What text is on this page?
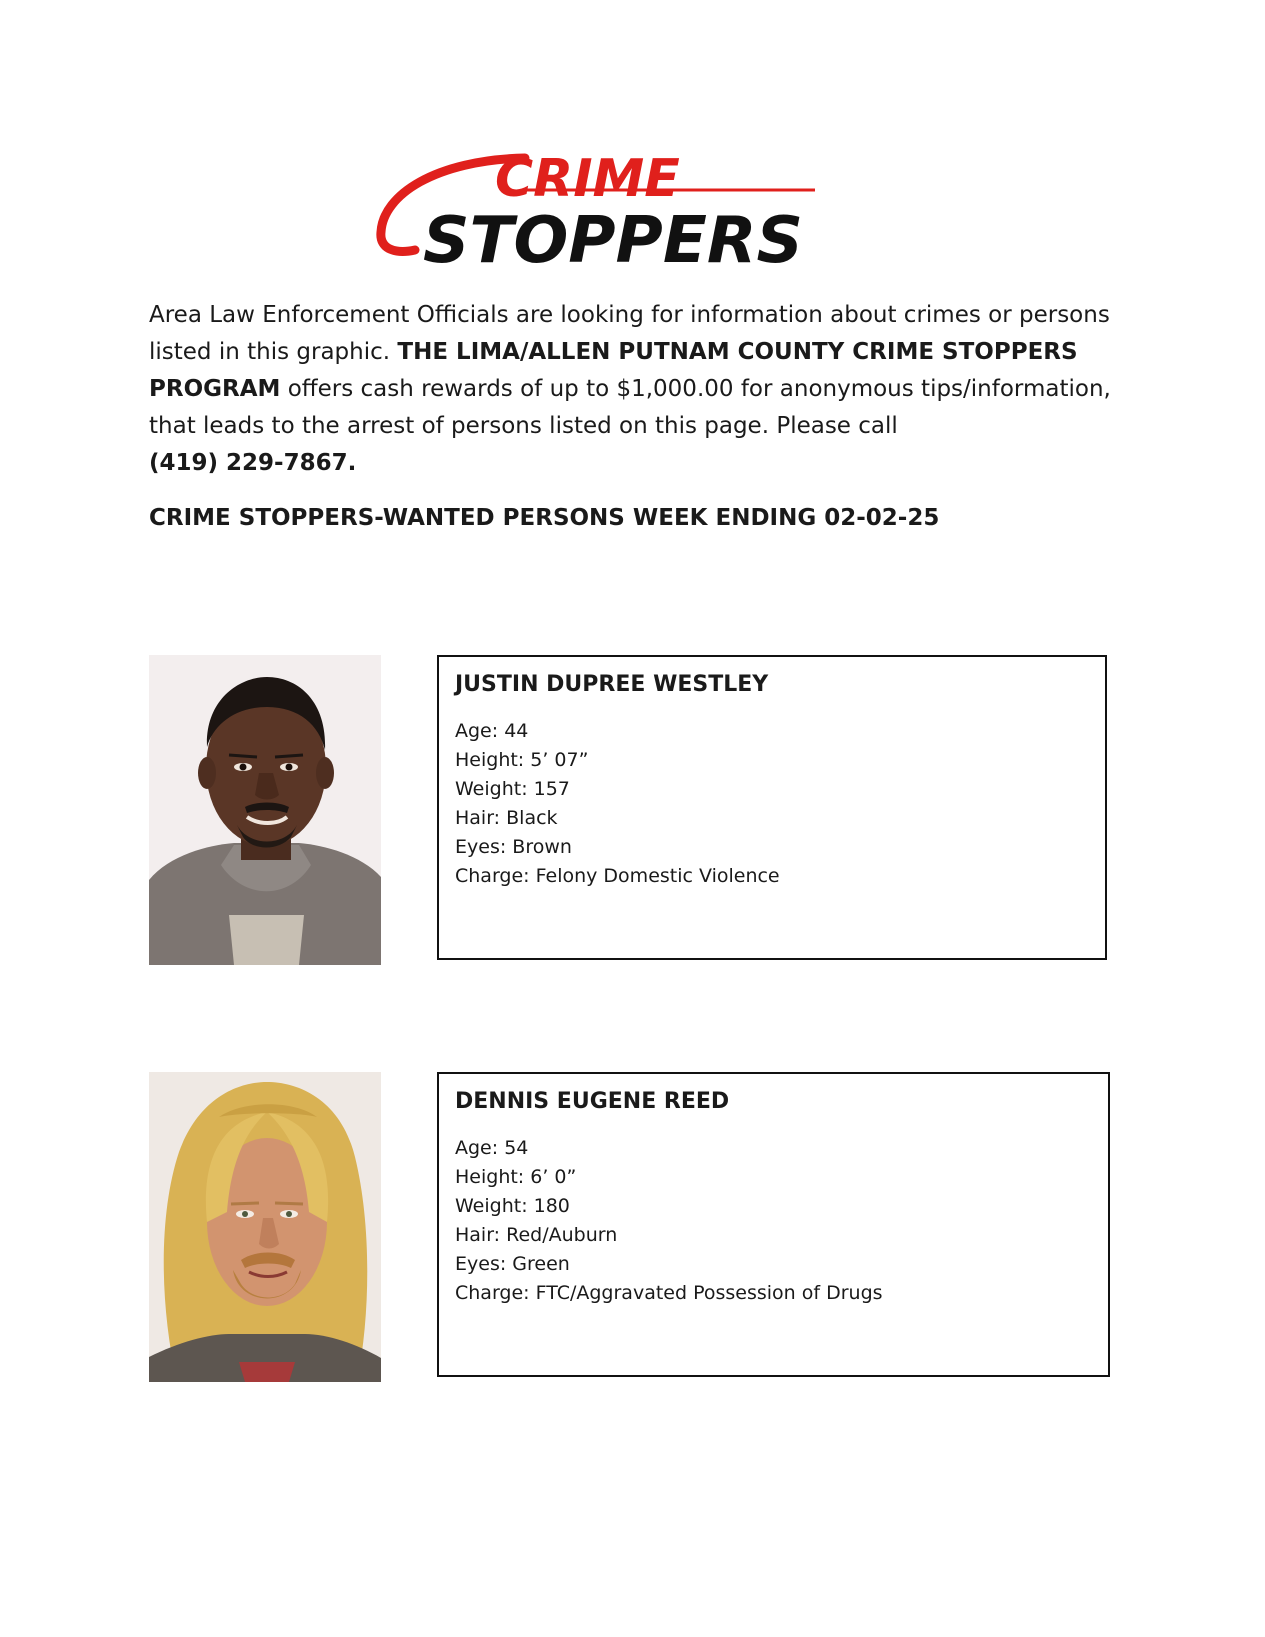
CRIME
STOPPERS

Area Law Enforcement Officials are looking for information about crimes or persons listed in this graphic. THE LIMA/ALLEN PUTNAM COUNTY CRIME STOPPERS PROGRAM offers cash rewards of up to $1,000.00 for anonymous tips/information, that leads to the arrest of persons listed on this page. Please call
(419) 229-7867.

CRIME STOPPERS-WANTED PERSONS WEEK ENDING 02-02-25

JUSTIN DUPREE WESTLEY

Age: 44

Height: 5’ 07”

Weight: 157

Hair: Black

Eyes: Brown

Charge: Felony Domestic Violence

DENNIS EUGENE REED

Age: 54

Height: 6’ 0”

Weight: 180

Hair: Red/Auburn

Eyes: Green

Charge: FTC/Aggravated Possession of Drugs
